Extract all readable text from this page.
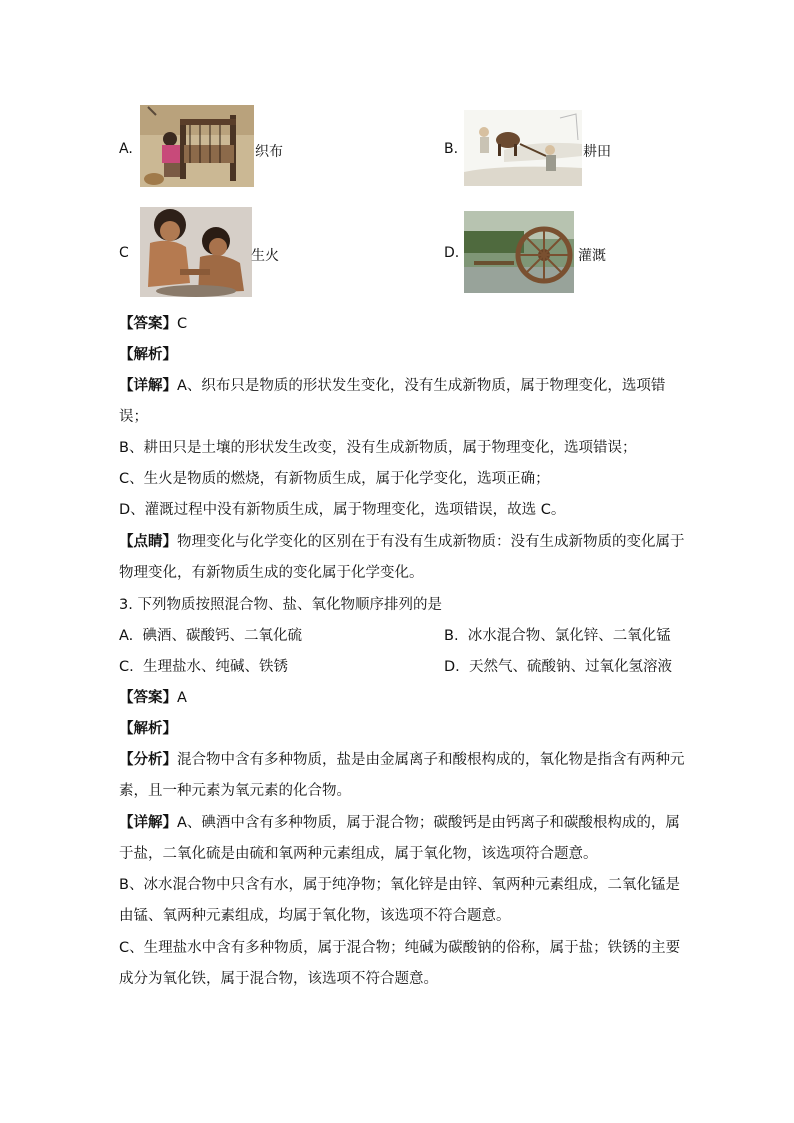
A.	织布	B.	耕田
C	生火	D.	灌溉
【答案】C
【解析】
【详解】A、织布只是物质的形状发生变化，没有生成新物质，属于物理变化，选项错
误；
B、耕田只是土壤的形状发生改变，没有生成新物质，属于物理变化，选项错误；
C、生火是物质的燃烧，有新物质生成，属于化学变化，选项正确；
D、灌溉过程中没有新物质生成，属于物理变化，选项错误，故选 C。
【点睛】物理变化与化学变化的区别在于有没有生成新物质：没有生成新物质的变化属于
物理变化，有新物质生成的变化属于化学变化。
3. 下列物质按照混合物、盐、氧化物顺序排列的是
A. 碘酒、碳酸钙、二氧化硫	B. 冰水混合物、氯化锌、二氧化锰
C. 生理盐水、纯碱、铁锈	D. 天然气、硫酸钠、过氧化氢溶液
【答案】A
【解析】
【分析】混合物中含有多种物质，盐是由金属离子和酸根构成的，氧化物是指含有两种元
素，且一种元素为氧元素的化合物。
【详解】A、碘酒中含有多种物质，属于混合物；碳酸钙是由钙离子和碳酸根构成的，属
于盐，二氧化硫是由硫和氧两种元素组成，属于氧化物，该选项符合题意。
B、冰水混合物中只含有水，属于纯净物；氧化锌是由锌、氧两种元素组成，二氧化锰是
由锰、氧两种元素组成，均属于氧化物，该选项不符合题意。
C、生理盐水中含有多种物质，属于混合物；纯碱为碳酸钠的俗称，属于盐；铁锈的主要
成分为氧化铁，属于混合物，该选项不符合题意。
